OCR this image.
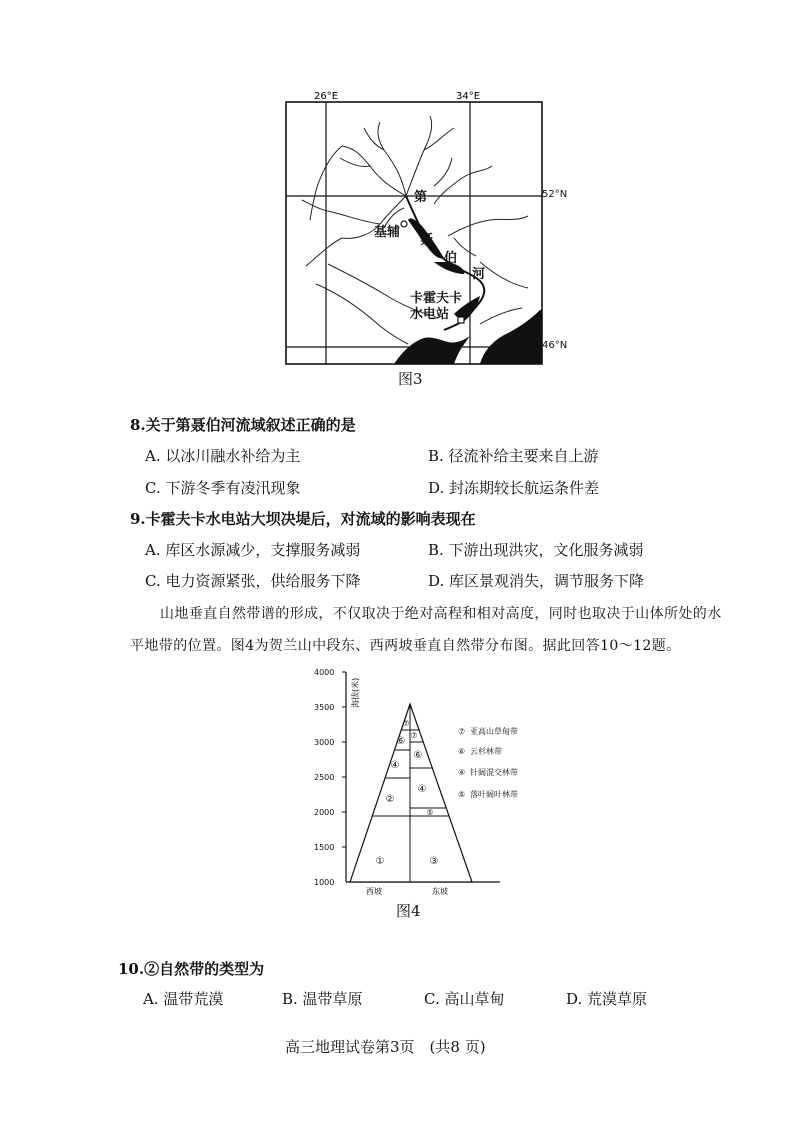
26°E	34°E
第
聂
伯
河
基辅
卡霍夫卡
水电站
52°N
46°N
图3
8.关于第聂伯河流域叙述正确的是
A. 以冰川融水补给为主	B. 径流补给主要来自上游
C. 下游冬季有凌汛现象	D. 封冻期较长航运条件差
9.卡霍夫卡水电站大坝决堤后，对流域的影响表现在
A. 库区水源减少，支撑服务减弱	B. 下游出现洪灾，文化服务减弱
C. 电力资源紧张，供给服务下降	D. 库区景观消失，调节服务下降
山地垂直自然带谱的形成，不仅取决于绝对高程和相对高度，同时也取决于山体所处的水
平地带的位置。图4为贺兰山中段东、西两坡垂直自然带分布图。据此回答10～12题。
4000
3500
3000
2500
2000
1500
1000
海拔(米)
①
②
④
⑥
⑦
③
⑤
④
⑥
⑦
西坡	东坡
⑦ 亚高山草甸带
⑥ 云杉林带
④ 针阔混交林带
⑤ 落叶阔叶林带
图4
10.②自然带的类型为
A. 温带荒漠	B. 温带草原	C. 高山草甸	D. 荒漠草原
高三地理试卷第3页　(共8 页)
